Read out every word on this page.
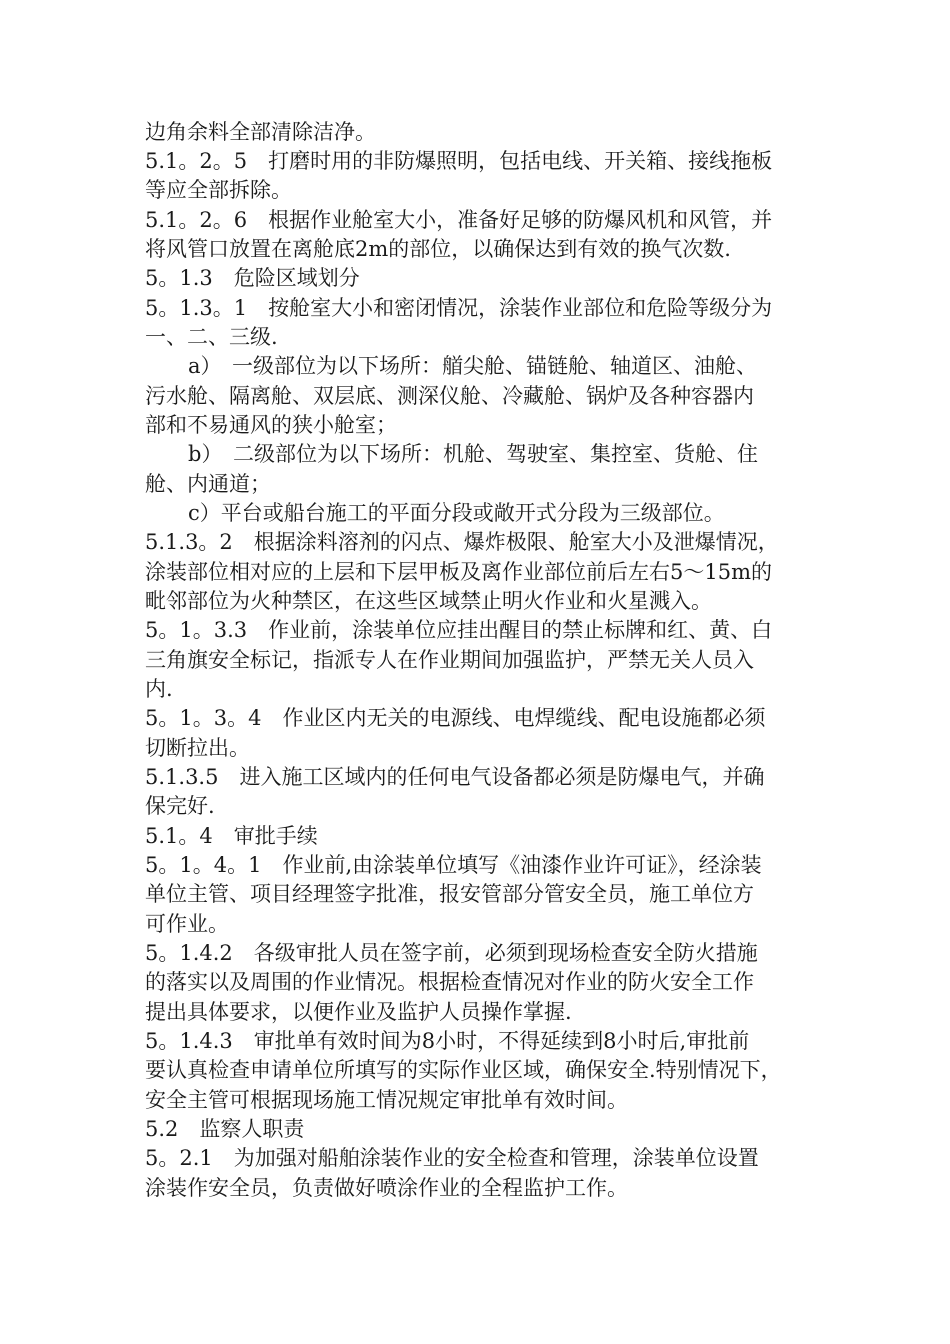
边角余料全部清除洁净。
5.1。2。5　打磨时用的非防爆照明，包括电线、开关箱、接线拖板
等应全部拆除。
5.1。2。6　根据作业舱室大小，准备好足够的防爆风机和风管，并
将风管口放置在离舱底2m的部位，以确保达到有效的换气次数.
5。1.3　危险区域划分
5。1.3。1　按舱室大小和密闭情况，涂装作业部位和危险等级分为
一、二、三级.
a）　一级部位为以下场所：艏尖舱、锚链舱、轴道区、油舱、
污水舱、隔离舱、双层底、测深仪舱、冷藏舱、锅炉及各种容器内
部和不易通风的狭小舱室；
b）　二级部位为以下场所：机舱、驾驶室、集控室、货舱、住
舱、内通道；
c）平台或船台施工的平面分段或敞开式分段为三级部位。
5.1.3。2　根据涂料溶剂的闪点、爆炸极限、舱室大小及泄爆情况，
涂装部位相对应的上层和下层甲板及离作业部位前后左右5～15m的
毗邻部位为火种禁区，在这些区域禁止明火作业和火星溅入。
5。1。3.3　作业前，涂装单位应挂出醒目的禁止标牌和红、黄、白
三角旗安全标记，指派专人在作业期间加强监护，严禁无关人员入
内.
5。1。3。4　作业区内无关的电源线、电焊缆线、配电设施都必须
切断拉出。
5.1.3.5　进入施工区域内的任何电气设备都必须是防爆电气，并确
保完好.
5.1。4　审批手续
5。1。4。1　作业前,由涂装单位填写《油漆作业许可证》，经涂装
单位主管、项目经理签字批准，报安管部分管安全员，施工单位方
可作业。
5。1.4.2　各级审批人员在签字前，必须到现场检查安全防火措施
的落实以及周围的作业情况。根据检查情况对作业的防火安全工作
提出具体要求，以便作业及监护人员操作掌握.
5。1.4.3　审批单有效时间为8小时，不得延续到8小时后,审批前
要认真检查申请单位所填写的实际作业区域，确保安全.特别情况下，
安全主管可根据现场施工情况规定审批单有效时间。
5.2　监察人职责
5。2.1　为加强对船舶涂装作业的安全检查和管理，涂装单位设置
涂装作安全员，负责做好喷涂作业的全程监护工作。
